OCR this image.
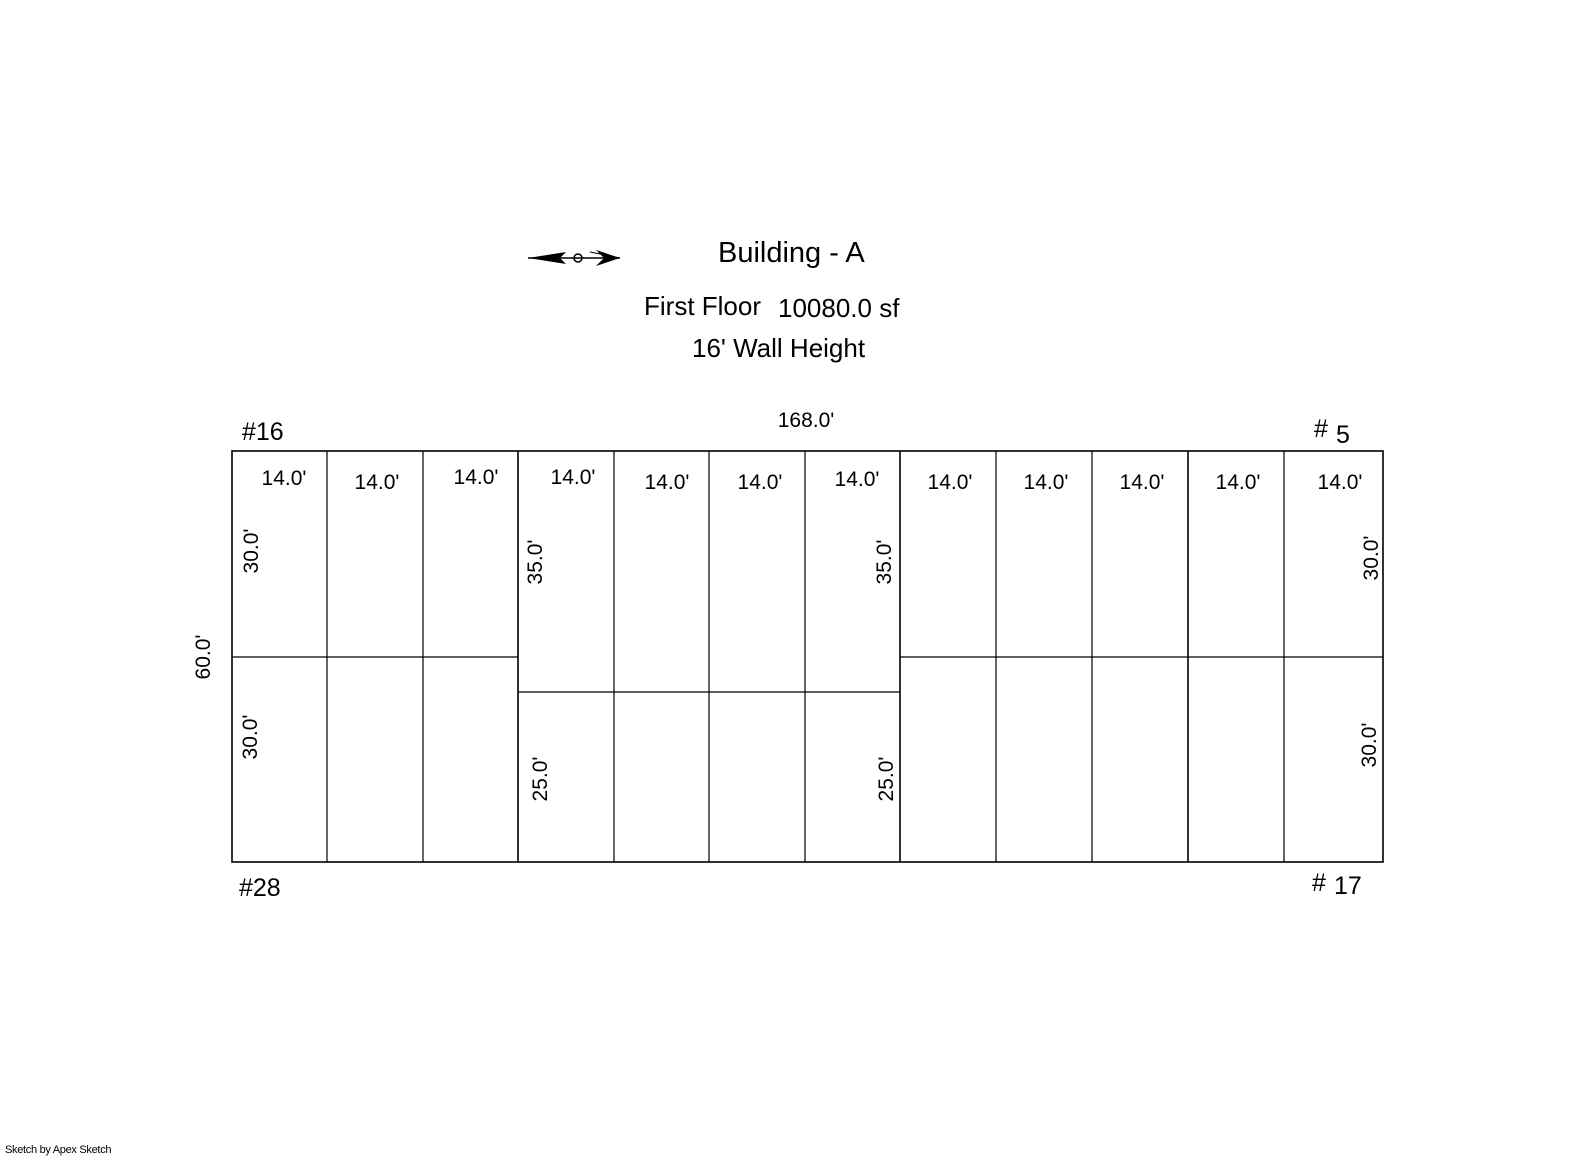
Building - A
First Floor 10080.0 sf
16' Wall Height
#16	# 5
#28	# 17
168.0'
60.0'
14.0' 14.0'	14.0' 14.0' 14.0' 14.0' 14.0' 14.0' 14.0' 14.0' 14.0'	14.0'
30.0'
30.0'
35.0'
25.0'
35.0'
25.0'
30.0'
30.0'
Sketch by Apex Sketch
